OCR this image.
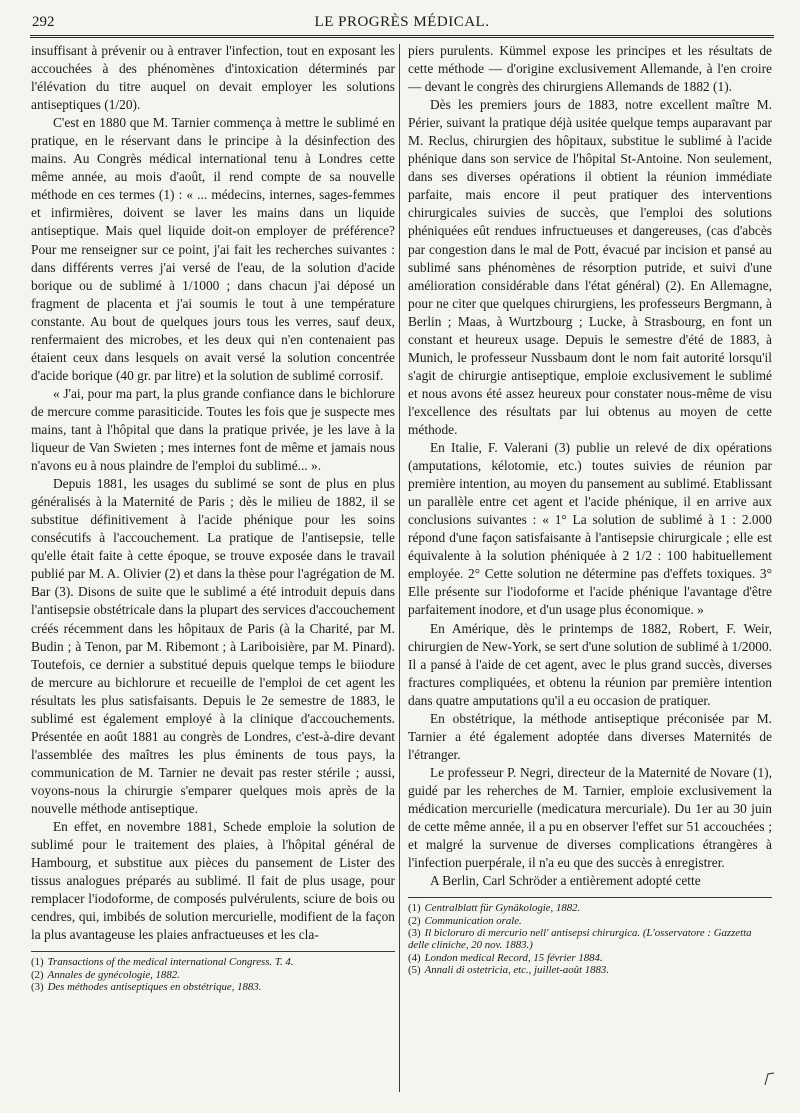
292	LE PROGRÈS MÉDICAL.

insuffisant à prévenir ou à entraver l'infection, tout en exposant les accouchées à des phénomènes d'intoxication déterminés par l'élévation du titre auquel on devait employer les solutions antiseptiques (1/20).

C'est en 1880 que M. Tarnier commença à mettre le sublimé en pratique, en le réservant dans le principe à la désinfection des mains. Au Congrès médical international tenu à Londres cette même année, au mois d'août, il rend compte de sa nouvelle méthode en ces termes (1) : « ... médecins, internes, sages-femmes et infirmières, doivent se laver les mains dans un liquide antiseptique. Mais quel liquide doit-on employer de préférence? Pour me renseigner sur ce point, j'ai fait les recherches suivantes : dans différents verres j'ai versé de l'eau, de la solution d'acide borique ou de sublimé à 1/1000 ; dans chacun j'ai déposé un fragment de placenta et j'ai soumis le tout à une température constante. Au bout de quelques jours tous les verres, sauf deux, renfermaient des microbes, et les deux qui n'en contenaient pas étaient ceux dans lesquels on avait versé la solution concentrée d'acide borique (40 gr. par litre) et la solution de sublimé corrosif.

« J'ai, pour ma part, la plus grande confiance dans le bichlorure de mercure comme parasiticide. Toutes les fois que je suspecte mes mains, tant à l'hôpital que dans la pratique privée, je les lave à la liqueur de Van Swieten ; mes internes font de même et jamais nous n'avons eu à nous plaindre de l'emploi du sublimé... ».

Depuis 1881, les usages du sublimé se sont de plus en plus généralisés à la Maternité de Paris ; dès le milieu de 1882, il se substitue définitivement à l'acide phénique pour les soins consécutifs à l'accouchement. La pratique de l'antisepsie, telle qu'elle était faite à cette époque, se trouve exposée dans le travail publié par M. A. Olivier (2) et dans la thèse pour l'agrégation de M. Bar (3). Disons de suite que le sublimé a été introduit depuis dans l'antisepsie obstétricale dans la plupart des services d'accouchement créés récemment dans les hôpitaux de Paris (à la Charité, par M. Budin ; à Tenon, par M. Ribemont ; à Lariboisière, par M. Pinard). Toutefois, ce dernier a substitué depuis quelque temps le biiodure de mercure au bichlorure et recueille de l'emploi de cet agent les résultats les plus satisfaisants. Depuis le 2e semestre de 1883, le sublimé est également employé à la clinique d'accouchements. Présentée en août 1881 au congrès de Londres, c'est-à-dire devant l'assemblée des maîtres les plus éminents de tous pays, la communication de M. Tarnier ne devait pas rester stérile ; aussi, voyons-nous la chirurgie s'emparer quelques mois après de la nouvelle méthode antiseptique.

En effet, en novembre 1881, Schede emploie la solution de sublimé pour le traitement des plaies, à l'hôpital général de Hambourg, et substitue aux pièces du pansement de Lister des tissus analogues préparés au sublimé. Il fait de plus usage, pour remplacer l'iodoforme, de composés pulvérulents, sciure de bois ou cendres, qui, imbibés de solution mercurielle, modifient de la façon la plus avantageuse les plaies anfractueuses et les cla-

(1) Transactions of the medical international Congress. T. 4.

(2) Annales de gynécologie, 1882.

(3) Des méthodes antiseptiques en obstétrique, 1883.

piers purulents. Kümmel expose les principes et les résultats de cette méthode — d'origine exclusivement Allemande, à l'en croire — devant le congrès des chirurgiens Allemands de 1882 (1).

Dès les premiers jours de 1883, notre excellent maître M. Périer, suivant la pratique déjà usitée quelque temps auparavant par M. Reclus, chirurgien des hôpitaux, substitue le sublimé à l'acide phénique dans son service de l'hôpital St-Antoine. Non seulement, dans ses diverses opérations il obtient la réunion immédiate parfaite, mais encore il peut pratiquer des interventions chirurgicales suivies de succès, que l'emploi des solutions phéniquées eût rendues infructueuses et dangereuses, (cas d'abcès par congestion dans le mal de Pott, évacué par incision et pansé au sublimé sans phénomènes de résorption putride, et suivi d'une amélioration considérable dans l'état général) (2). En Allemagne, pour ne citer que quelques chirurgiens, les professeurs Bergmann, à Berlin ; Maas, à Wurtzbourg ; Lucke, à Strasbourg, en font un constant et heureux usage. Depuis le semestre d'été de 1883, à Munich, le professeur Nussbaum dont le nom fait autorité lorsqu'il s'agit de chirurgie antiseptique, emploie exclusivement le sublimé et nous avons été assez heureux pour constater nous-même de visu l'excellence des résultats par lui obtenus au moyen de cette méthode.

En Italie, F. Valerani (3) publie un relevé de dix opérations (amputations, kélotomie, etc.) toutes suivies de réunion par première intention, au moyen du pansement au sublimé. Etablissant un parallèle entre cet agent et l'acide phénique, il en arrive aux conclusions suivantes : « 1° La solution de sublimé à 1 : 2.000 répond d'une façon satisfaisante à l'antisepsie chirurgicale ; elle est équivalente à la solution phéniquée à 2 1/2 : 100 habituellement employée. 2° Cette solution ne détermine pas d'effets toxiques. 3° Elle présente sur l'iodoforme et l'acide phénique l'avantage d'être parfaitement inodore, et d'un usage plus économique. »

En Amérique, dès le printemps de 1882, Robert, F. Weir, chirurgien de New-York, se sert d'une solution de sublimé à 1/2000. Il a pansé à l'aide de cet agent, avec le plus grand succès, diverses fractures compliquées, et obtenu la réunion par première intention dans quatre amputations qu'il a eu occasion de pratiquer.

En obstétrique, la méthode antiseptique préconisée par M. Tarnier a été également adoptée dans diverses Maternités de l'étranger.

Le professeur P. Negri, directeur de la Maternité de Novare (1), guidé par les reherches de M. Tarnier, emploie exclusivement la médication mercurielle (medicatura mercuriale). Du 1er au 30 juin de cette même année, il a pu en observer l'effet sur 51 accouchées ; et malgré la survenue de diverses complications étrangères à l'infection puerpérale, il n'a eu que des succès à enregistrer.

A Berlin, Carl Schröder a entièrement adopté cette

(1) Centralblatt für Gynäkologie, 1882.

(2) Communication orale.

(3) Il bicloruro di mercurio nell' antisepsi chirurgica. (L'osservatore : Gazzetta delle cliniche, 20 nov. 1883.)

(4) London medical Record, 15 février 1884.

(5) Annali di ostetricia, etc., juillet-août 1883.
